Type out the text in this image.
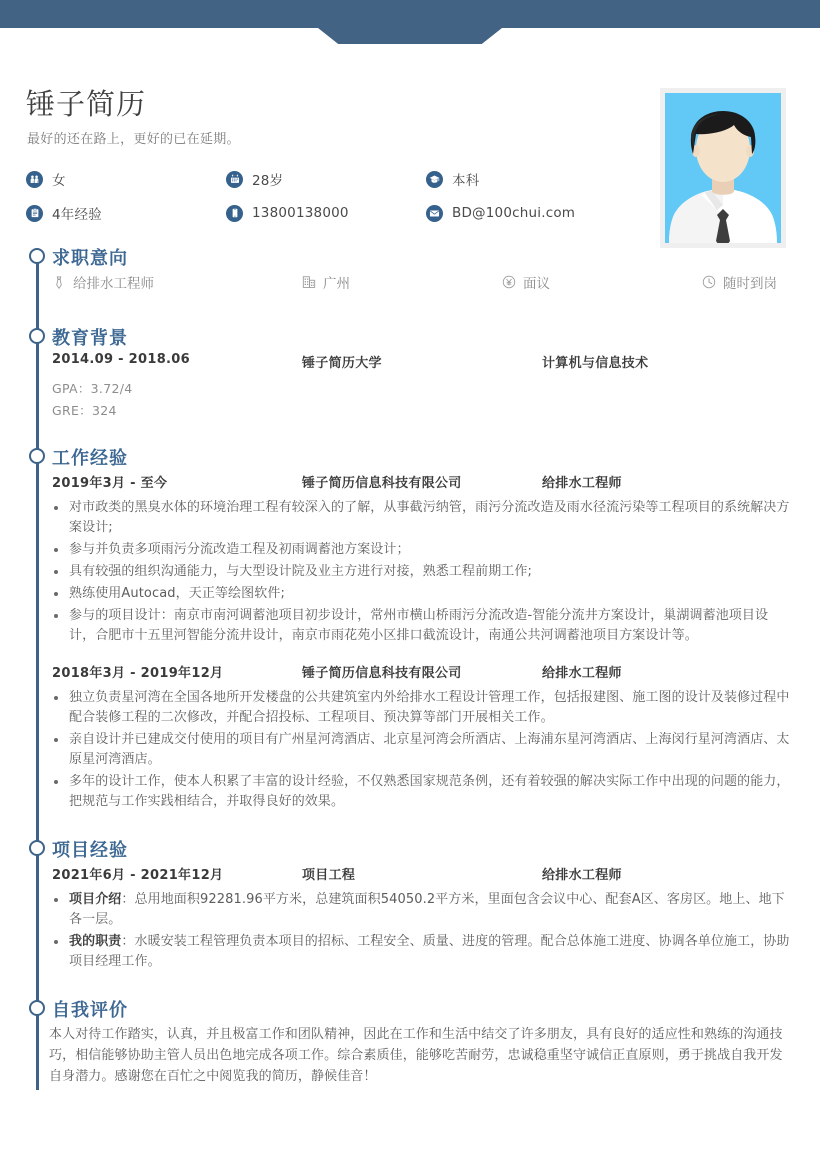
锤子简历
最好的还在路上，更好的已在延期。
女	28岁	本科
4年经验	13800138000	BD@100chui.com
求职意向
给排水工程师	广州	面议	随时到岗
教育背景
2014.09 - 2018.06	锤子简历大学	计算机与信息技术
GPA：3.72/4
GRE：324
工作经验
2019年3月 - 至今	锤子简历信息科技有限公司	给排水工程师
对市政类的黑臭水体的环境治理工程有较深入的了解，从事截污纳管，雨污分流改造及雨水径流污染等工程项目的系统解决方案设计;
参与并负责多项雨污分流改造工程及初雨调蓄池方案设计；
具有较强的组织沟通能力，与大型设计院及业主方进行对接，熟悉工程前期工作;
熟练使用Autocad，天正等绘图软件;
参与的项目设计：南京市南河调蓄池项目初步设计，常州市横山桥雨污分流改造-智能分流井方案设计，巢湖调蓄池项目设计，合肥市十五里河智能分流井设计，南京市雨花苑小区排口截流设计，南通公共河调蓄池项目方案设计等。
2018年3月 - 2019年12月	锤子简历信息科技有限公司	给排水工程师
独立负责星河湾在全国各地所开发楼盘的公共建筑室内外给排水工程设计管理工作，包括报建图、施工图的设计及装修过程中配合装修工程的二次修改，并配合招投标、工程项目、预决算等部门开展相关工作。
亲自设计并已建成交付使用的项目有广州星河湾酒店、北京星河湾会所酒店、上海浦东星河湾酒店、上海闵行星河湾酒店、太原星河湾酒店。
多年的设计工作，使本人积累了丰富的设计经验，不仅熟悉国家规范条例，还有着较强的解决实际工作中出现的问题的能力，把规范与工作实践相结合，并取得良好的效果。
项目经验
2021年6月 - 2021年12月	项目工程	给排水工程师
项目介绍：总用地面积92281.96平方米，总建筑面积54050.2平方米，里面包含会议中心、配套A区、客房区。地上、地下各一层。
我的职责：水暖安装工程管理负责本项目的招标、工程安全、质量、进度的管理。配合总体施工进度、协调各单位施工，协助项目经理工作。
自我评价
本人对待工作踏实，认真，并且极富工作和团队精神，因此在工作和生活中结交了许多朋友，具有良好的适应性和熟练的沟通技巧，相信能够协助主管人员出色地完成各项工作。综合素质佳，能够吃苦耐劳，忠诚稳重坚守诚信正直原则，勇于挑战自我开发自身潜力。感谢您在百忙之中阅览我的简历，静候佳音！
